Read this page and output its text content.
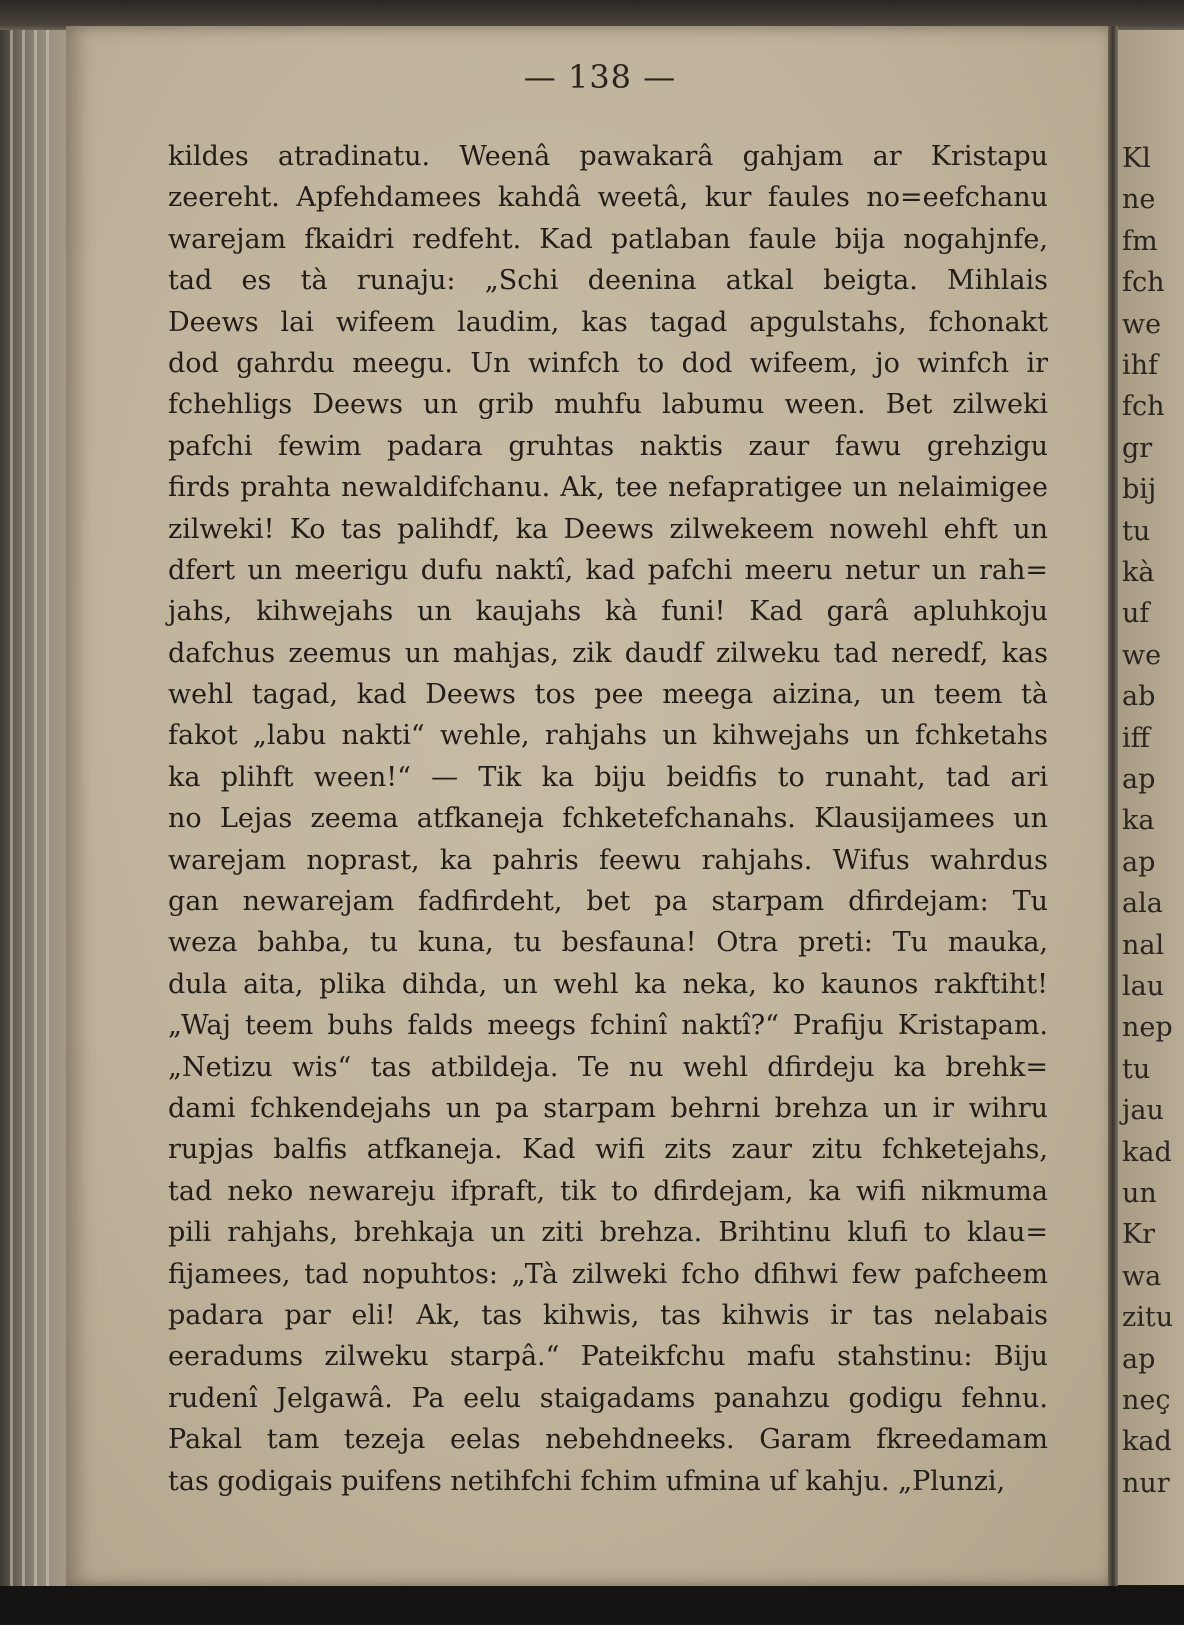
Kl
ne
fm
fch
we
ihf
fch
gr
bij
tu
kà
uf
we
ab
iff
ap
ka
ap
ala
nal
lau
nep
tu
jau
kad
un
Kr
wa
zitu
ap
neç
kad
nur
— 138 —
kildes atradinatu. Weenâ pawakarâ gahjam ar Kristapu
zeereht. Apfehdamees kahdâ weetâ, kur faules no=eefchanu
warejam fkaidri redfeht. Kad patlaban faule bija nogahjnfe,
tad es tà runaju: „Schi deenina atkal beigta. Mihlais
Deews lai wifeem laudim, kas tagad apgulstahs, fchonakt
dod gahrdu meegu. Un winfch to dod wifeem, jo winfch ir
fchehligs Deews un grib muhfu labumu ween. Bet zilweki
pafchi fewim padara gruhtas naktis zaur fawu grehzigu
firds prahta newaldifchanu. Ak, tee nefapratigee un nelaimigee
zilweki! Ko tas palihdf, ka Deews zilwekeem nowehl ehft un
dfert un meerigu dufu naktî, kad pafchi meeru netur un rah=
jahs, kihwejahs un kaujahs kà funi! Kad garâ apluhkoju
dafchus zeemus un mahjas, zik daudf zilweku tad neredf, kas
wehl tagad, kad Deews tos pee meega aizina, un teem tà
fakot „labu nakti“ wehle, rahjahs un kihwejahs un fchketahs
ka plihft ween!“ — Tik ka biju beidfis to runaht, tad ari
no Lejas zeema atfkaneja fchketefchanahs. Klausijamees un
warejam noprast, ka pahris feewu rahjahs. Wifus wahrdus
gan newarejam fadfirdeht, bet pa starpam dfirdejam: Tu
weza bahba, tu kuna, tu besfauna! Otra preti: Tu mauka,
dula aita, plika dihda, un wehl ka neka, ko kaunos rakftiht!
„Waj teem buhs falds meegs fchinî naktî?“ Prafiju Kristapam.
„Netizu wis“ tas atbildeja. Te nu wehl dfirdeju ka brehk=
dami fchkendejahs un pa starpam behrni brehza un ir wihru
rupjas balfis atfkaneja. Kad wifi zits zaur zitu fchketejahs,
tad neko newareju ifpraft, tik to dfirdejam, ka wifi nikmuma
pili rahjahs, brehkaja un ziti brehza. Brihtinu klufi to klau=
fijamees, tad nopuhtos: „Tà zilweki fcho dfihwi few pafcheem
padara par eli! Ak, tas kihwis, tas kihwis ir tas nelabais
eeradums zilweku starpâ.“ Pateikfchu mafu stahstinu: Biju
rudenî Jelgawâ. Pa eelu staigadams panahzu godigu fehnu.
Pakal tam tezeja eelas nebehdneeks. Garam fkreedamam
tas godigais puifens netihfchi fchim ufmina uf kahju. „Plunzi,
